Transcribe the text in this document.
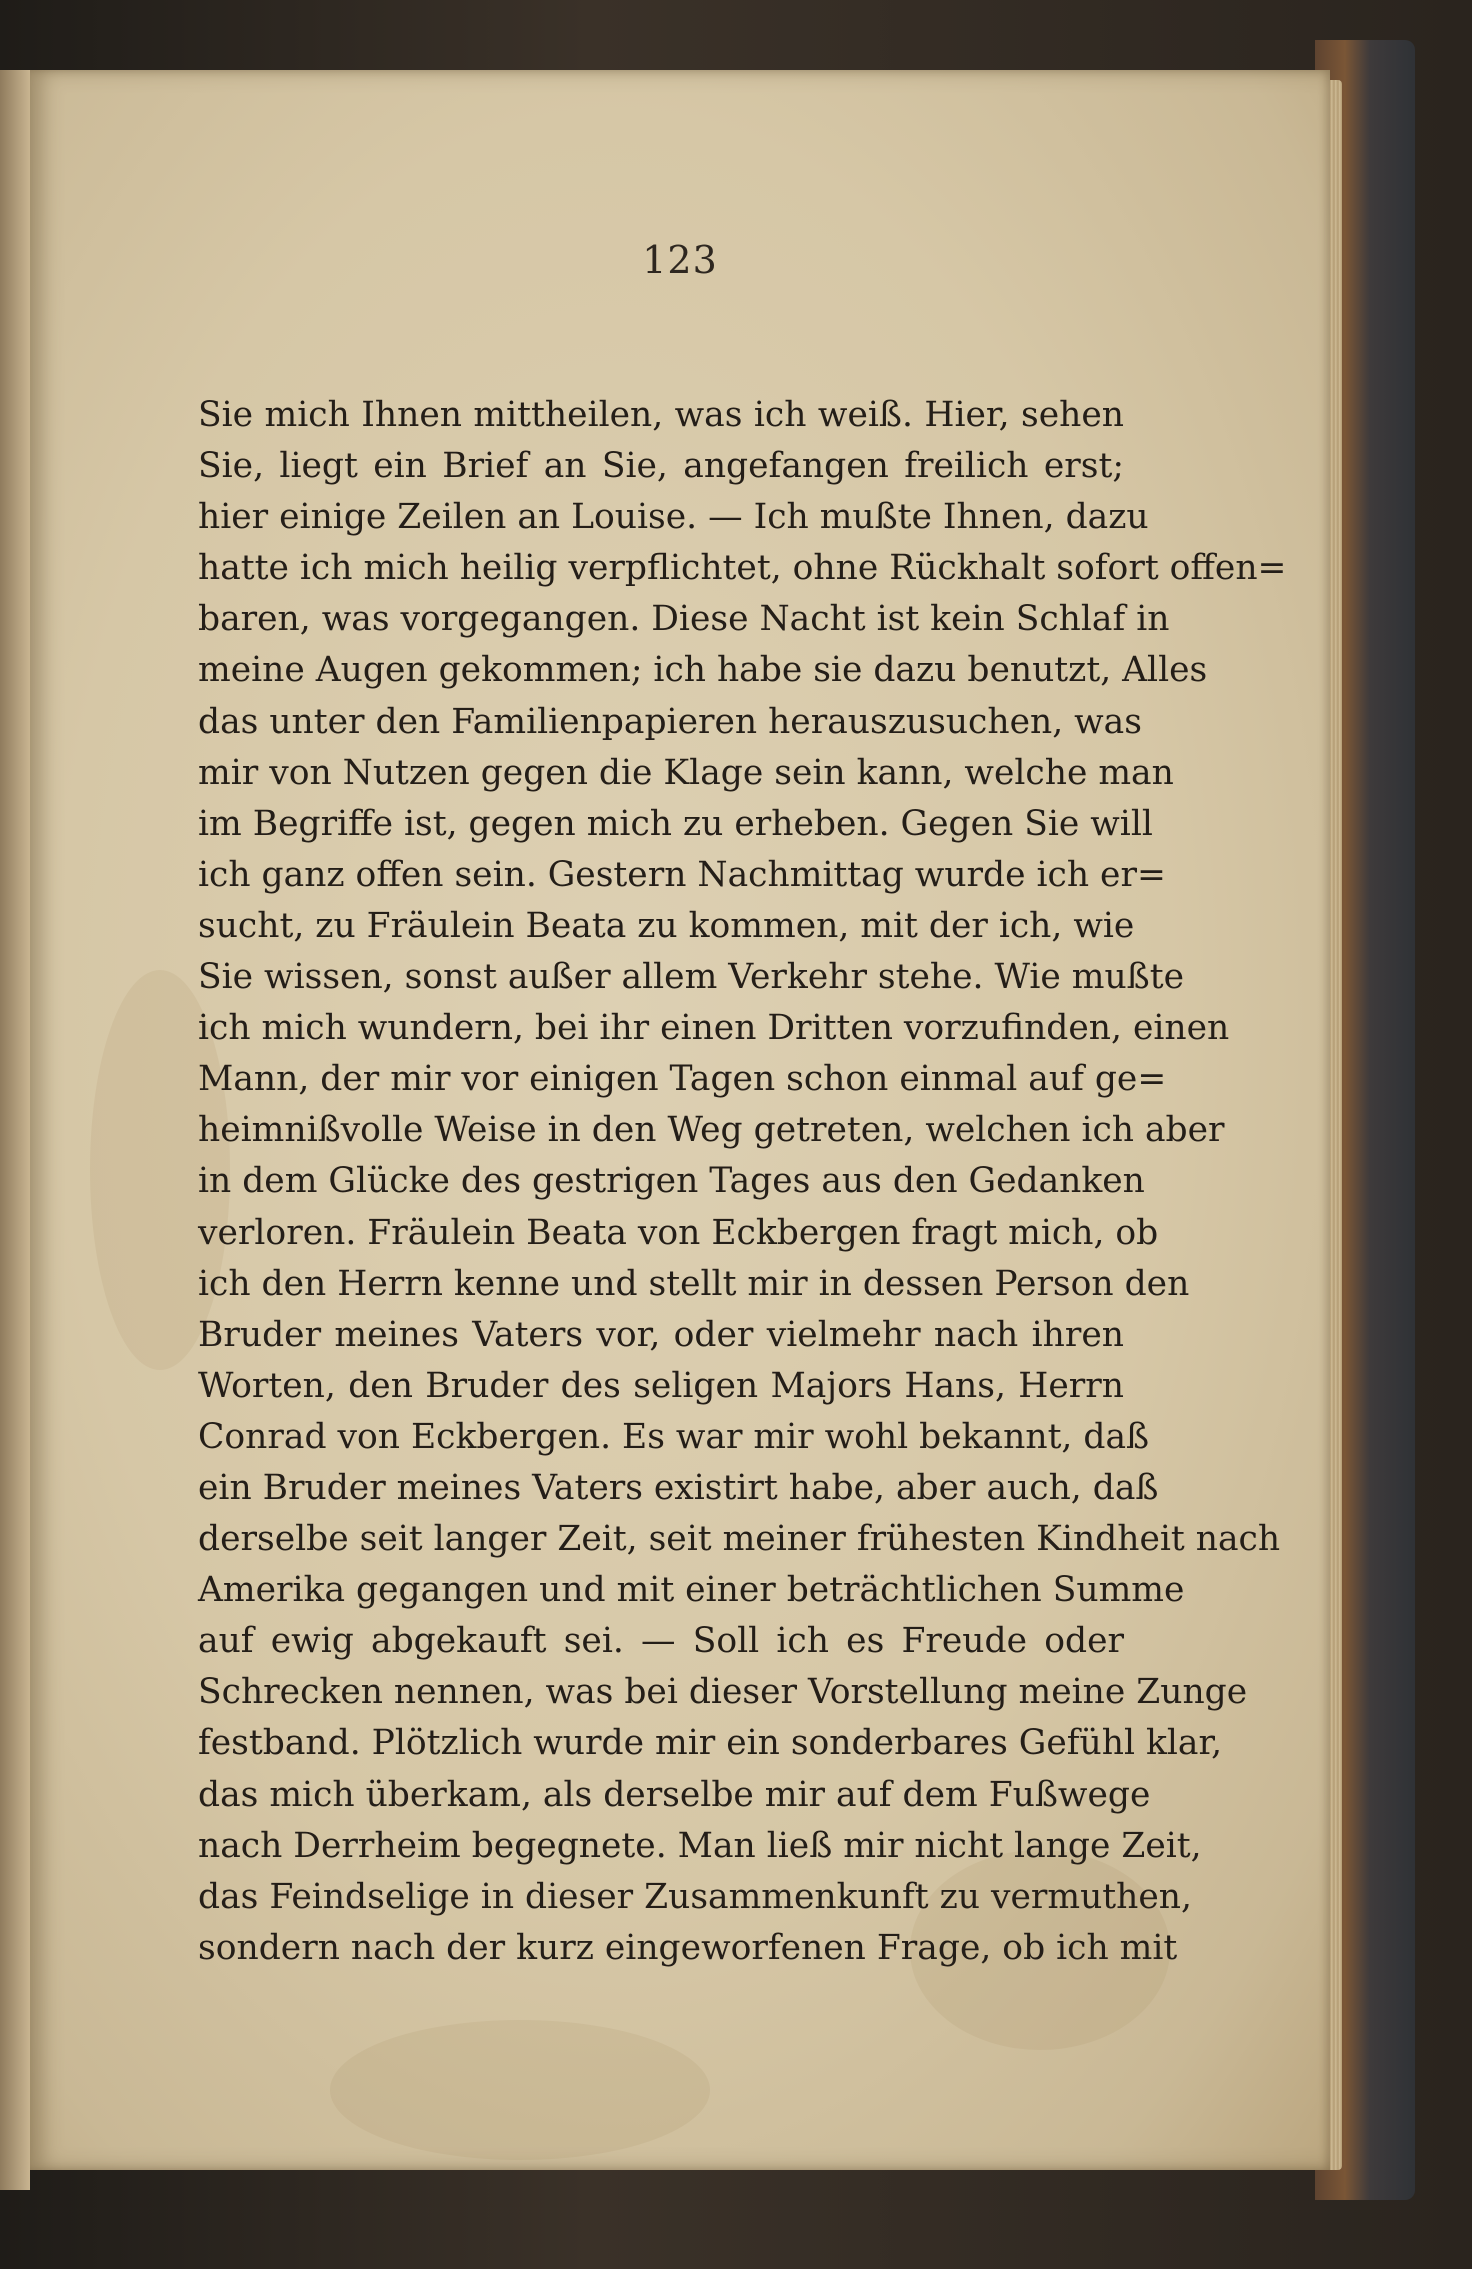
123
Sie mich Ihnen mittheilen, was ich weiß. Hier, sehen
Sie, liegt ein Brief an Sie, angefangen freilich erst;
hier einige Zeilen an Louise. — Ich mußte Ihnen, dazu
hatte ich mich heilig verpflichtet, ohne Rückhalt sofort offen=
baren, was vorgegangen. Diese Nacht ist kein Schlaf in
meine Augen gekommen; ich habe sie dazu benutzt, Alles
das unter den Familienpapieren herauszusuchen, was
mir von Nutzen gegen die Klage sein kann, welche man
im Begriffe ist, gegen mich zu erheben. Gegen Sie will
ich ganz offen sein. Gestern Nachmittag wurde ich er=
sucht, zu Fräulein Beata zu kommen, mit der ich, wie
Sie wissen, sonst außer allem Verkehr stehe. Wie mußte
ich mich wundern, bei ihr einen Dritten vorzufinden, einen
Mann, der mir vor einigen Tagen schon einmal auf ge=
heimnißvolle Weise in den Weg getreten, welchen ich aber
in dem Glücke des gestrigen Tages aus den Gedanken
verloren. Fräulein Beata von Eckbergen fragt mich, ob
ich den Herrn kenne und stellt mir in dessen Person den
Bruder meines Vaters vor, oder vielmehr nach ihren
Worten, den Bruder des seligen Majors Hans, Herrn
Conrad von Eckbergen. Es war mir wohl bekannt, daß
ein Bruder meines Vaters existirt habe, aber auch, daß
derselbe seit langer Zeit, seit meiner frühesten Kindheit nach
Amerika gegangen und mit einer beträchtlichen Summe
auf ewig abgekauft sei. — Soll ich es Freude oder
Schrecken nennen, was bei dieser Vorstellung meine Zunge
festband. Plötzlich wurde mir ein sonderbares Gefühl klar,
das mich überkam, als derselbe mir auf dem Fußwege
nach Derrheim begegnete. Man ließ mir nicht lange Zeit,
das Feindselige in dieser Zusammenkunft zu vermuthen,
sondern nach der kurz eingeworfenen Frage, ob ich mit
